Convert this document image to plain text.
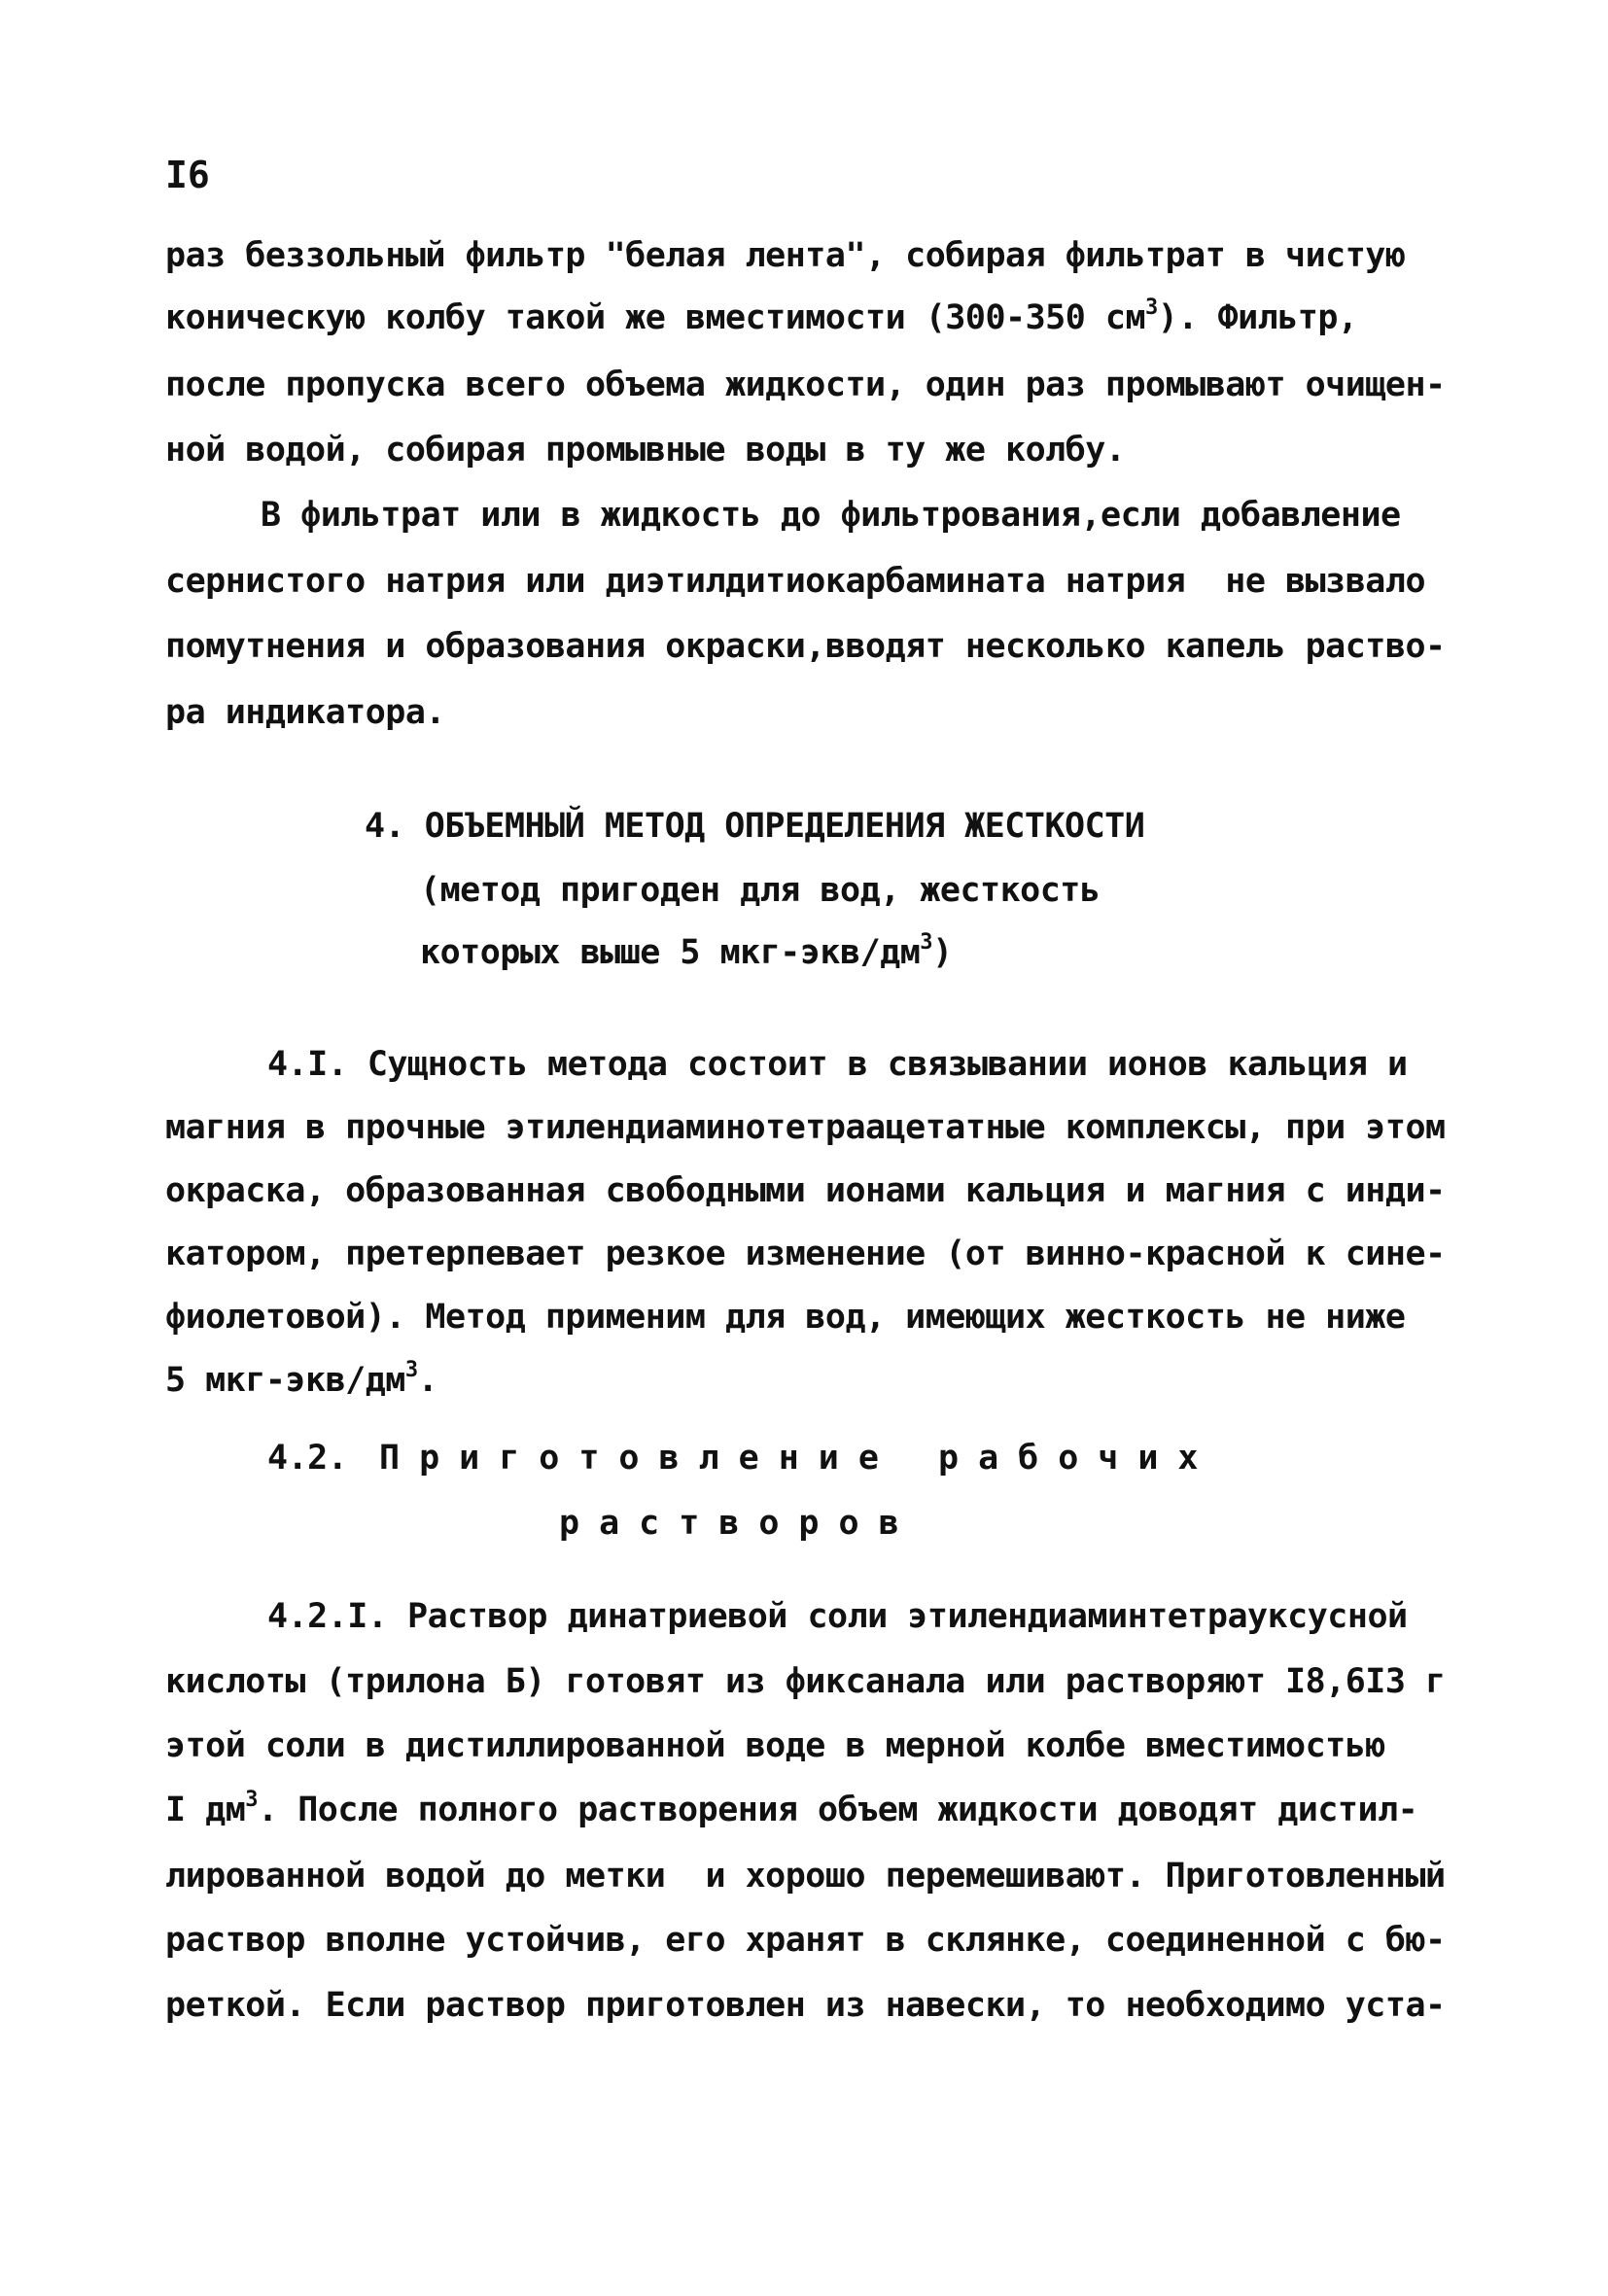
I6
раз беззольный фильтр "белая лента", собирая фильтрат в чистую
коническую колбу такой же вместимости (300-350 $см^3$). Фильтр,
после пропуска всего объема жидкости, один раз промывают очищен-
ной водой, собирая промывные воды в ту же колбу.
В фильтрат или в жидкость до фильтрования,если добавление
сернистого натрия или диэтилдитиокарбамината натрия  не вызвало
помутнения и образования окраски,вводят несколько капель раство-
ра индикатора.
4. ОБЪЕМНЫЙ МЕТОД ОПРЕДЕЛЕНИЯ ЖЕСТКОСТИ
(метод пригоден для вод, жесткость
которых выше 5 мкг-$экв/дм^3$)
4.I. Сущность метода состоит в связывании ионов кальция и
магния в прочные этилендиаминотетраацетатные комплексы, при этом
окраска, образованная свободными ионами кальция и магния с инди-
катором, претерпевает резкое изменение (от винно-красной к сине-
фиолетовой). Метод применим для вод, имеющих жесткость не ниже
5 мкг-$экв/дм^3$.
4.2. Приготовление рабочих
растворов
4.2.I. Раствор динатриевой соли этилендиаминтетрауксусной
кислоты (трилона Б) готовят из фиксанала или растворяют I8,6I3 г
этой соли в дистиллированной воде в мерной колбе вместимостью
I $дм^3$. После полного растворения объем жидкости доводят дистил-
лированной водой до метки  и хорошо перемешивают. Приготовленный
раствор вполне устойчив, его хранят в склянке, соединенной с бю-
реткой. Если раствор приготовлен из навески, то необходимо уста-
